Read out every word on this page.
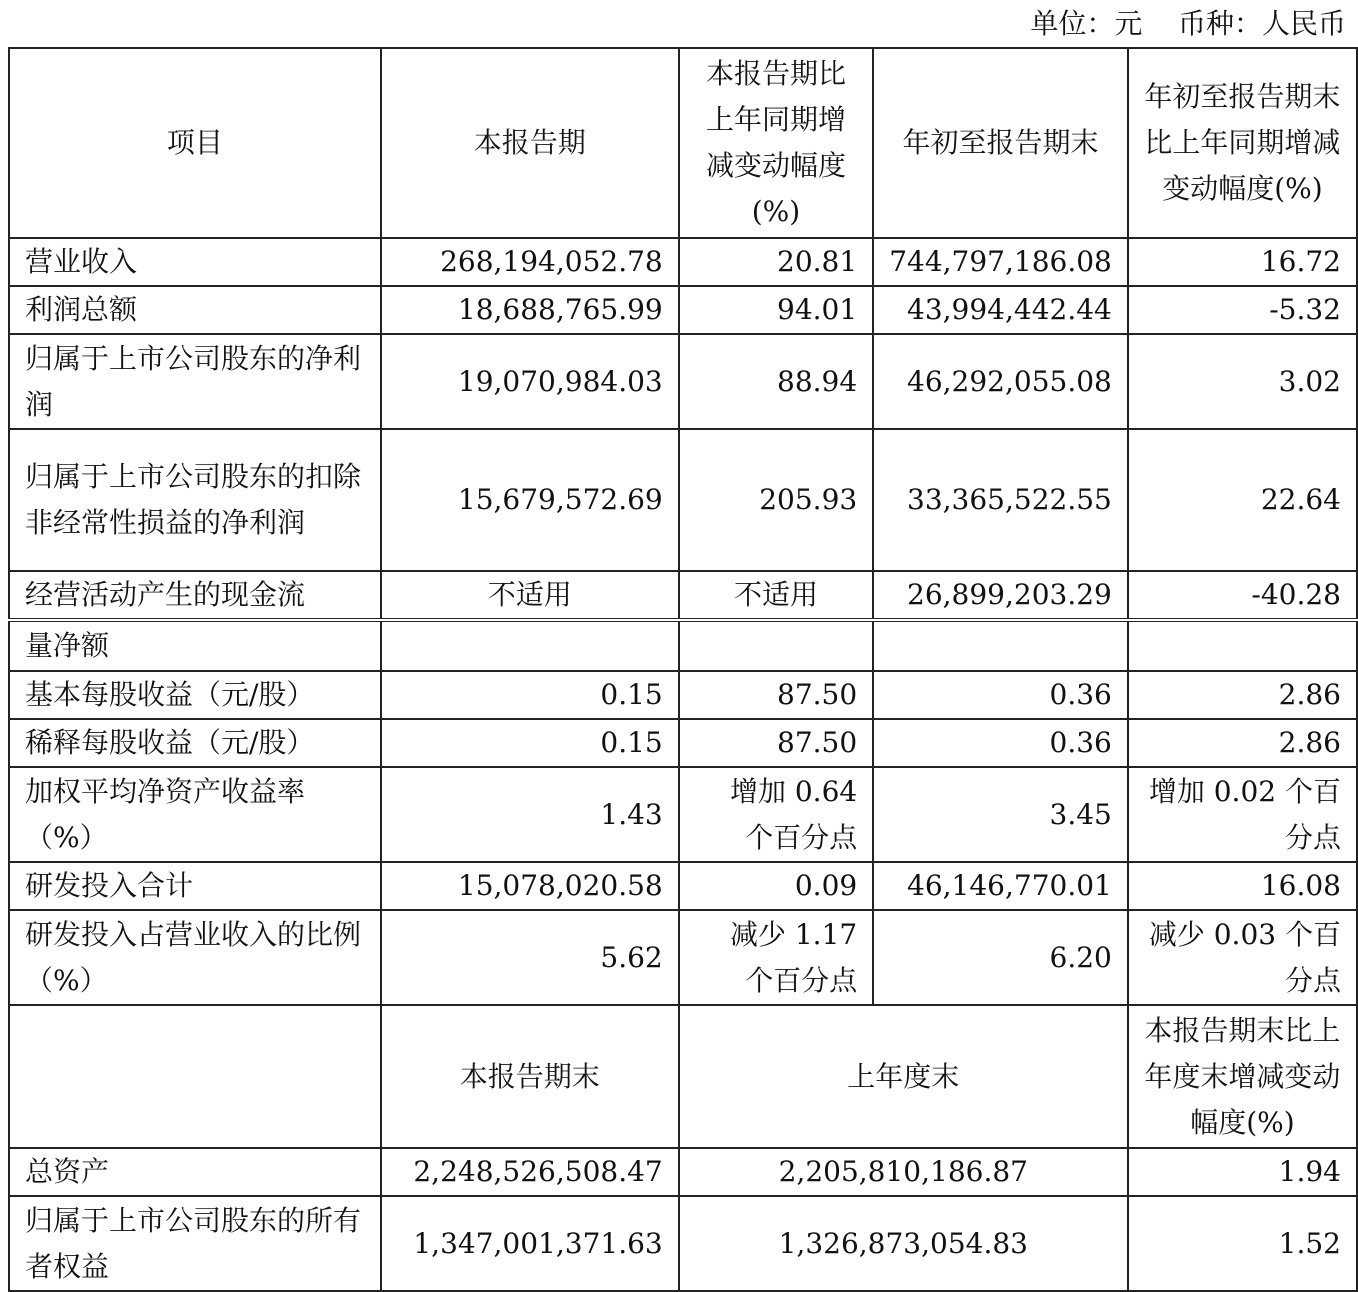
单位：元    币种：人民币
项目	本报告期	本报告期比上年同期增减变动幅度(%)	年初至报告期末	年初至报告期末比上年同期增减变动幅度(%)
营业收入	268,194,052.78	20.81	744,797,186.08	16.72
利润总额	18,688,765.99	94.01	43,994,442.44	-5.32
归属于上市公司股东的净利润	19,070,984.03	88.94	46,292,055.08	3.02
归属于上市公司股东的扣除非经常性损益的净利润	15,679,572.69	205.93	33,365,522.55	22.64
经营活动产生的现金流	不适用	不适用	26,899,203.29	-40.28
量净额				
基本每股收益（元/股）	0.15	87.50	0.36	2.86
稀释每股收益（元/股）	0.15	87.50	0.36	2.86
加权平均净资产收益率（%）	1.43	增加 0.64 个百分点	3.45	增加 0.02 个百分点
研发投入合计	15,078,020.58	0.09	46,146,770.01	16.08
研发投入占营业收入的比例（%）	5.62	减少 1.17 个百分点	6.20	减少 0.03 个百分点
	本报告期末	上年度末		本报告期末比上年度末增减变动幅度(%)
总资产	2,248,526,508.47	2,205,810,186.87		1.94
归属于上市公司股东的所有者权益	1,347,001,371.63	1,326,873,054.83		1.52
